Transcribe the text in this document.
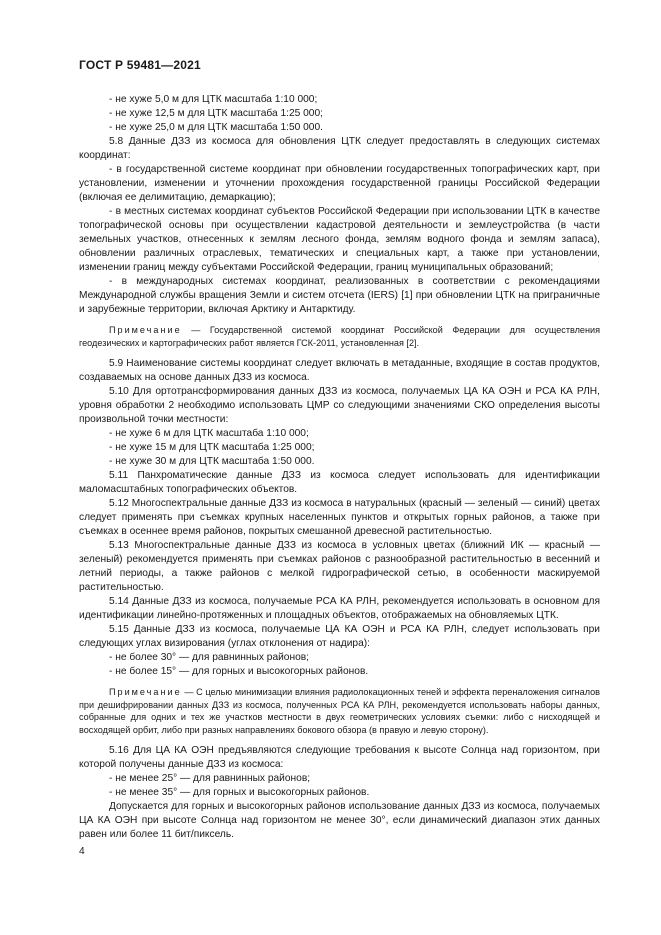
ГОСТ Р 59481—2021

- не хуже 5,0 м для ЦТК масштаба 1:10 000;

- не хуже 12,5 м для ЦТК масштаба 1:25 000;

- не хуже 25,0 м для ЦТК масштаба 1:50 000.

5.8 Данные ДЗЗ из космоса для обновления ЦТК следует предоставлять в следующих системах координат:

- в государственной системе координат при обновлении государственных топографических карт, при установлении, изменении и уточнении прохождения государственной границы Российской Федерации (включая ее делимитацию, демаркацию);

- в местных системах координат субъектов Российской Федерации при использовании ЦТК в качестве топографической основы при осуществлении кадастровой деятельности и землеустройства (в части земельных участков, отнесенных к землям лесного фонда, землям водного фонда и землям запаса), обновлении различных отраслевых, тематических и специальных карт, а также при установлении, изменении границ между субъектами Российской Федерации, границ муниципальных образований;

- в международных системах координат, реализованных в соответствии с рекомендациями Международной службы вращения Земли и систем отсчета (IERS) [1] при обновлении ЦТК на приграничные и зарубежные территории, включая Арктику и Антарктиду.

Примечание — Государственной системой координат Российской Федерации для осуществления геодезических и картографических работ является ГСК-2011, установленная [2].

5.9 Наименование системы координат следует включать в метаданные, входящие в состав продуктов, создаваемых на основе данных ДЗЗ из космоса.

5.10 Для ортотрансформирования данных ДЗЗ из космоса, получаемых ЦА КА ОЭН и РСА КА РЛН, уровня обработки 2 необходимо использовать ЦМР со следующими значениями СКО определения высоты произвольной точки местности:

- не хуже 6 м для ЦТК масштаба 1:10 000;

- не хуже 15 м для ЦТК масштаба 1:25 000;

- не хуже 30 м для ЦТК масштаба 1:50 000.

5.11 Панхроматические данные ДЗЗ из космоса следует использовать для идентификации маломасштабных топографических объектов.

5.12 Многоспектральные данные ДЗЗ из космоса в натуральных (красный — зеленый — синий) цветах следует применять при съемках крупных населенных пунктов и открытых горных районов, а также при съемках в осеннее время районов, покрытых смешанной древесной растительностью.

5.13 Многоспектральные данные ДЗЗ из космоса в условных цветах (ближний ИК — красный — зеленый) рекомендуется применять при съемках районов с разнообразной растительностью в весенний и летний периоды, а также районов с мелкой гидрографической сетью, в особенности маскируемой растительностью.

5.14 Данные ДЗЗ из космоса, получаемые РСА КА РЛН, рекомендуется использовать в основном для идентификации линейно-протяженных и площадных объектов, отображаемых на обновляемых ЦТК.

5.15 Данные ДЗЗ из космоса, получаемые ЦА КА ОЭН и РСА КА РЛН, следует использовать при следующих углах визирования (углах отклонения от надира):

- не более 30° — для равнинных районов;

- не более 15° — для горных и высокогорных районов.

Примечание — С целью минимизации влияния радиолокационных теней и эффекта переналожения сигналов при дешифрировании данных ДЗЗ из космоса, полученных РСА КА РЛН, рекомендуется использовать наборы данных, собранные для одних и тех же участков местности в двух геометрических условиях съемки: либо с нисходящей и восходящей орбит, либо при разных направлениях бокового обзора (в правую и левую сторону).

5.16 Для ЦА КА ОЭН предъявляются следующие требования к высоте Солнца над горизонтом, при которой получены данные ДЗЗ из космоса:

- не менее 25° — для равнинных районов;

- не менее 35° — для горных и высокогорных районов.

Допускается для горных и высокогорных районов использование данных ДЗЗ из космоса, получаемых ЦА КА ОЭН при высоте Солнца над горизонтом не менее 30°, если динамический диапазон этих данных равен или более 11 бит/пиксель.

4
